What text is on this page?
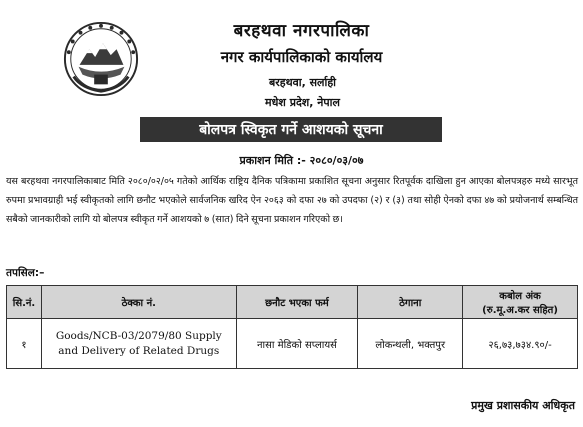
बरहथवा नगरपालिका
नगर कार्यपालिकाको कार्यालय
बरहथवा, सर्लाही
मधेश प्रदेश, नेपाल
बोलपत्र स्विकृत गर्ने आशयको सूचना
प्रकाशन मिति :- २०८०/०३/०७
यस बरहथवा नगरपालिकाबाट मिति २०८०/०२/०५ गतेको आर्थिक राष्ट्रिय दैनिक पत्रिकामा प्रकाशित सूचना अनुसार रितपूर्वक दाखिला हुन आएका बोलपत्रहरु मध्ये सारभूत रुपमा प्रभावग्राही भई स्वीकृतको लागि छनौट भएकोले सार्वजनिक खरिद ऐन २०६३ को दफा २७ को उपदफा (२) र (३) तथा सोही ऐनको दफा ४७ को प्रयोजनार्थ सम्बन्धित सबैको जानकारीको लागि यो बोलपत्र स्वीकृत गर्ने आशयको ७ (सात) दिने सूचना प्रकाशन गरिएको छ।
तपसिल:–
सि.नं.	ठेक्का नं.	छनौट भएका फर्म	ठेगाना	कबोल अंक
(रु.मू.अ.कर सहित)

१	Goods/NCB-03/2079/80 Supply
and Delivery of Related Drugs	नासा मेडिको सप्लायर्स	लोकन्थली, भक्तपुर	२६,७३,७३४.९०/-
प्रमुख प्रशासकीय अधिकृत
